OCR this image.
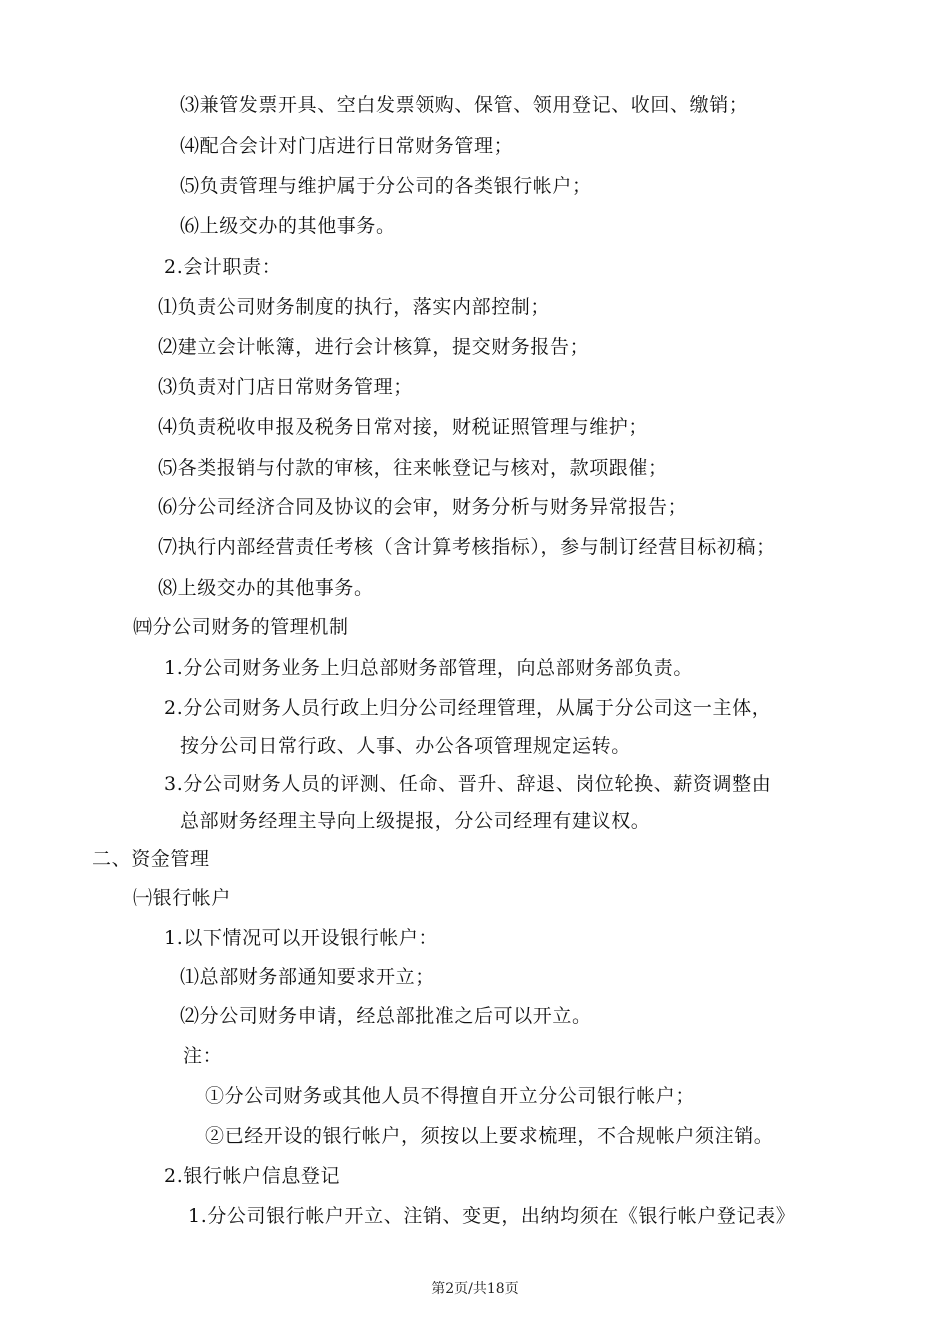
⑶兼管发票开具、空白发票领购、保管、领用登记、收回、缴销；
⑷配合会计对门店进行日常财务管理；
⑸负责管理与维护属于分公司的各类银行帐户；
⑹上级交办的其他事务。
2.会计职责：
⑴负责公司财务制度的执行，落实内部控制；
⑵建立会计帐簿，进行会计核算，提交财务报告；
⑶负责对门店日常财务管理；
⑷负责税收申报及税务日常对接，财税证照管理与维护；
⑸各类报销与付款的审核，往来帐登记与核对，款项跟催；
⑹分公司经济合同及协议的会审，财务分析与财务异常报告；
⑺执行内部经营责任考核（含计算考核指标），参与制订经营目标初稿；
⑻上级交办的其他事务。
㈣分公司财务的管理机制
1.分公司财务业务上归总部财务部管理，向总部财务部负责。
2.分公司财务人员行政上归分公司经理管理，从属于分公司这一主体，
按分公司日常行政、人事、办公各项管理规定运转。
3.分公司财务人员的评测、任命、晋升、辞退、岗位轮换、薪资调整由
总部财务经理主导向上级提报，分公司经理有建议权。
二、资金管理
㈠银行帐户
1.以下情况可以开设银行帐户：
⑴总部财务部通知要求开立；
⑵分公司财务申请，经总部批准之后可以开立。
注：
①分公司财务或其他人员不得擅自开立分公司银行帐户；
②已经开设的银行帐户，须按以上要求梳理，不合规帐户须注销。
2.银行帐户信息登记
1.分公司银行帐户开立、注销、变更，出纳均须在《银行帐户登记表》
第2页/共18页
